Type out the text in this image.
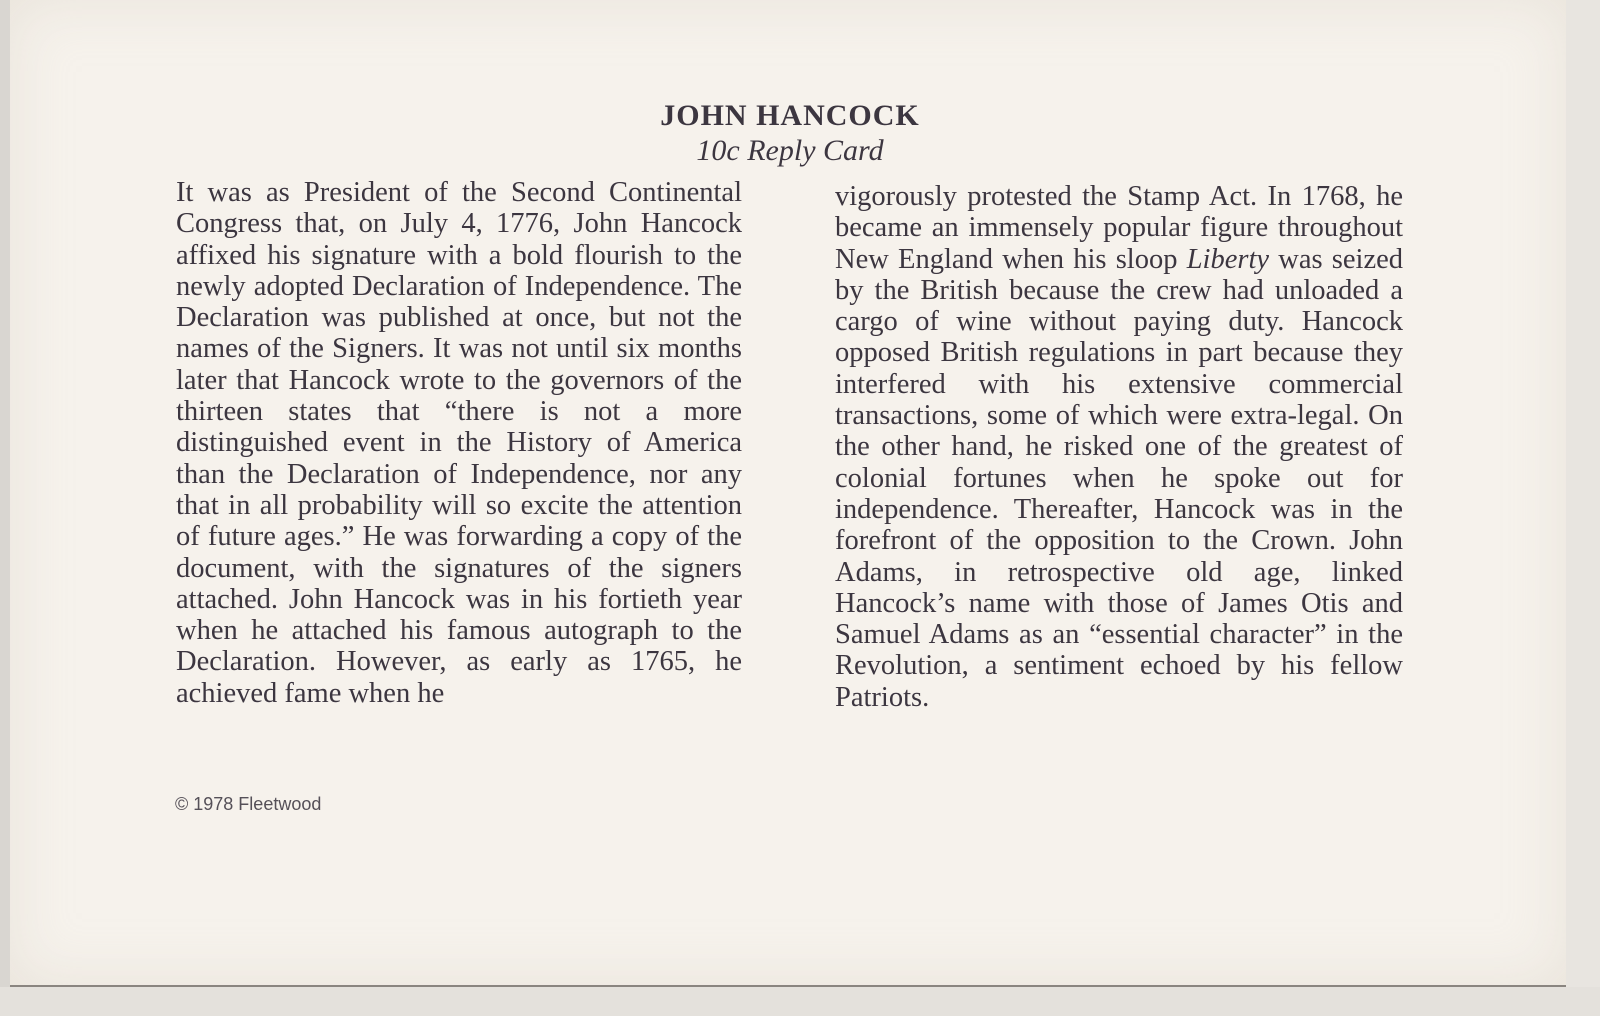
JOHN HANCOCK
10c Reply Card

It was as President of the Second Continental Congress that, on July 4, 1776, John Hancock affixed his signature with a bold flourish to the newly adopted Declaration of Independence. The Declaration was published at once, but not the names of the Signers. It was not until six months later that Hancock wrote to the governors of the thirteen states that “there is not a more distinguished event in the History of America than the Declaration of Independence, nor any that in all probability will so excite the attention of future ages.” He was forwarding a copy of the document, with the signatures of the signers attached. John Hancock was in his fortieth year when he attached his famous autograph to the Declaration. However, as early as 1765, he achieved fame when he

vigorously protested the Stamp Act. In 1768, he became an immensely popular figure throughout New England when his sloop Liberty was seized by the British because the crew had unloaded a cargo of wine without paying duty. Hancock opposed British regulations in part because they interfered with his extensive commercial transactions, some of which were extra-legal. On the other hand, he risked one of the greatest of colonial fortunes when he spoke out for independence. Thereafter, Hancock was in the forefront of the opposition to the Crown. John Adams, in retrospective old age, linked Hancock’s name with those of James Otis and Samuel Adams as an “essential character” in the Revolution, a sentiment echoed by his fellow Patriots.

© 1978 Fleetwood
